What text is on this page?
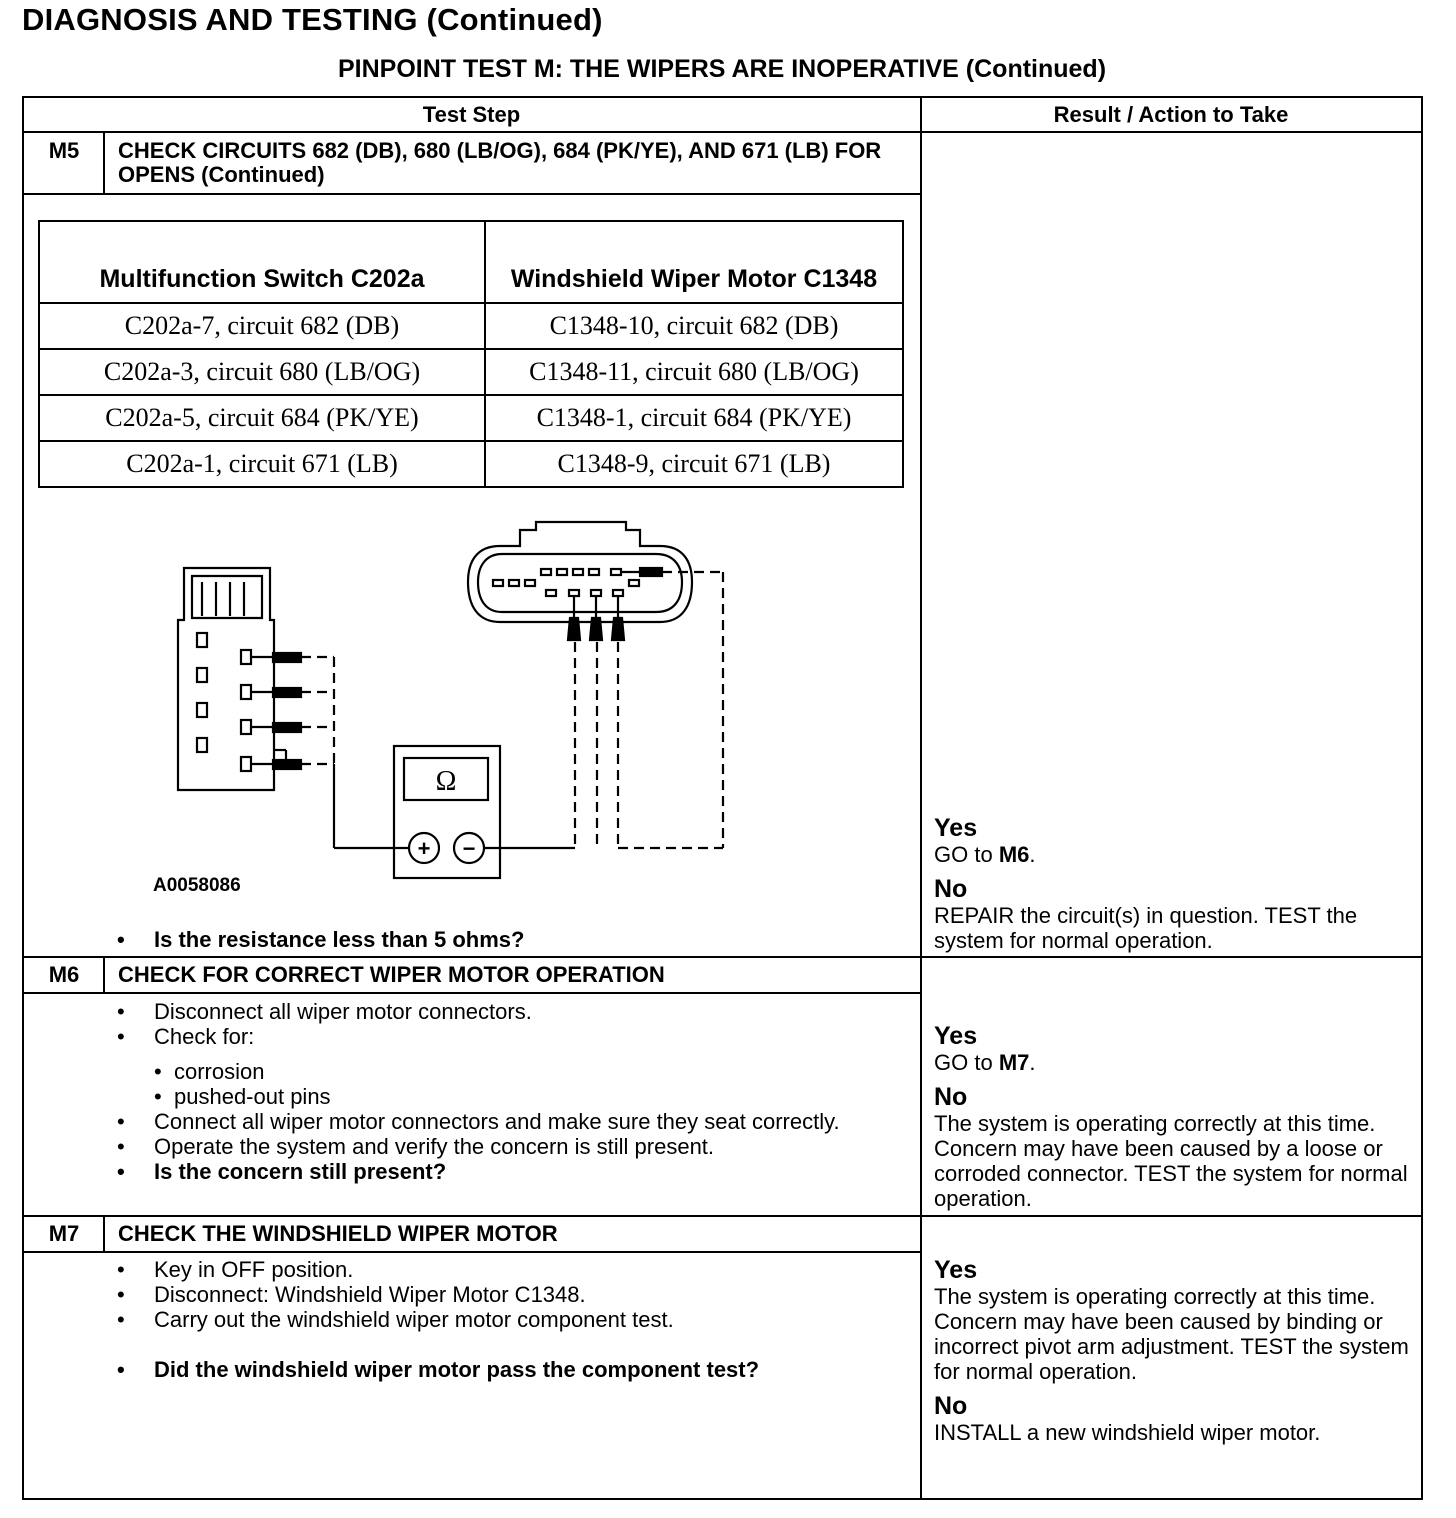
DIAGNOSIS AND TESTING (Continued)
PINPOINT TEST M: THE WIPERS ARE INOPERATIVE (Continued)
Test Step	Result / Action to Take
M5	CHECK CIRCUITS 682 (DB), 680 (LB/OG), 684 (PK/YE), AND 671 (LB) FOR OPENS (Continued)
Multifunction Switch C202a	Windshield Wiper Motor C1348
C202a-7, circuit 682 (DB)	C1348-10, circuit 682 (DB)
C202a-3, circuit 680 (LB/OG)	C1348-11, circuit 680 (LB/OG)
C202a-5, circuit 684 (PK/YE)	C1348-1, circuit 684 (PK/YE)
C202a-1, circuit 671 (LB)	C1348-9, circuit 671 (LB)
Ω
+ −
A0058086
• Is the resistance less than 5 ohms?
Yes

GO to M6.

No

REPAIR the circuit(s) in question. TEST the system for normal operation.

M6	CHECK FOR CORRECT WIPER MOTOR OPERATION
• Disconnect all wiper motor connectors.
• Check for:
• corrosion
• pushed-out pins
• Connect all wiper motor connectors and make sure they seat correctly.
• Operate the system and verify the concern is still present.
• Is the concern still present?
Yes

GO to M7.

No

The system is operating correctly at this time. Concern may have been caused by a loose or corroded connector. TEST the system for normal operation.

M7	CHECK THE WINDSHIELD WIPER MOTOR
• Key in OFF position.
• Disconnect: Windshield Wiper Motor C1348.
• Carry out the windshield wiper motor component test.
• Did the windshield wiper motor pass the component test?
Yes

The system is operating correctly at this time. Concern may have been caused by binding or incorrect pivot arm adjustment. TEST the system for normal operation.

No

INSTALL a new windshield wiper motor.
